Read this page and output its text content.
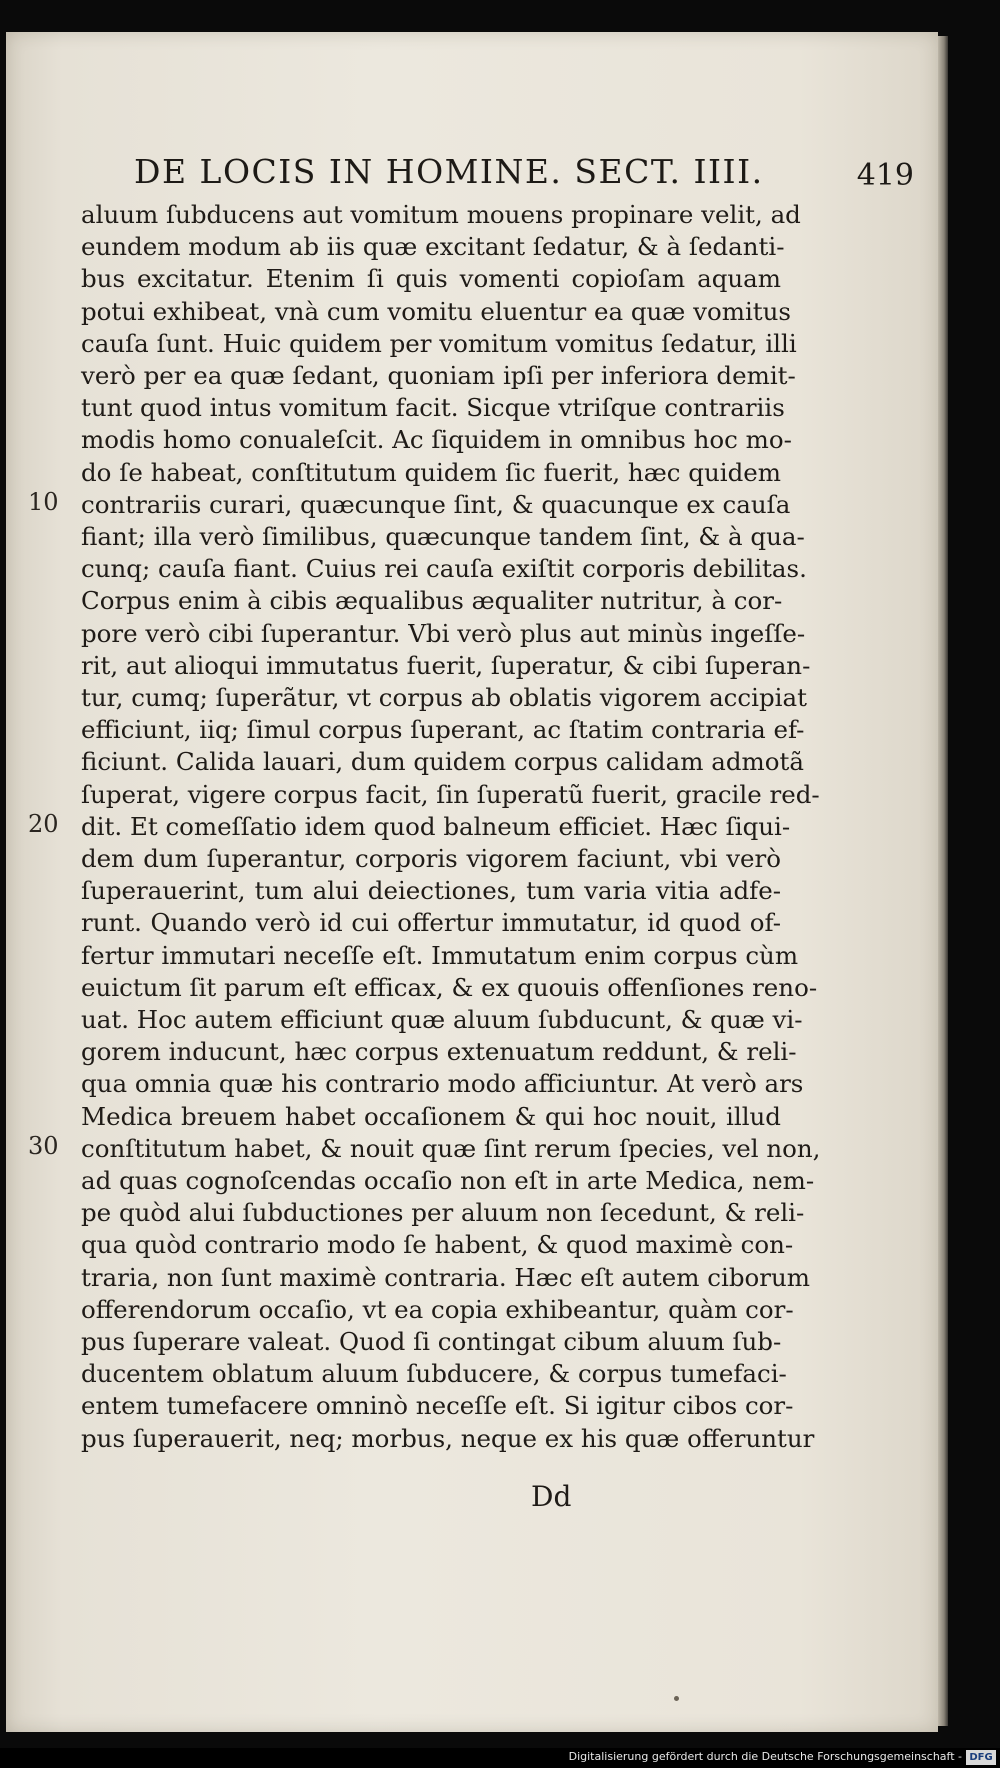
DE LOCIS IN HOMINE. SECT. IIII.	419
aluum ſubducens aut vomitum mouens propinare velit, ad
eundem modum ab iis quæ excitant ſedatur, & à ſedanti-
bus excitatur. Etenim ſi quis vomenti copioſam aquam
potui exhibeat, vnà cum vomitu eluentur ea quæ vomitus
cauſa ſunt. Huic quidem per vomitum vomitus ſedatur, illi
verò per ea quæ ſedant, quoniam ipſi per inferiora demit-
tunt quod intus vomitum facit. Sicque vtriſque contrariis
modis homo conualeſcit. Ac ſiquidem in omnibus hoc mo-
do ſe habeat, conſtitutum quidem ſic fuerit, hæc quidem
contrariis curari, quæcunque ſint, & quacunque ex cauſa
fiant; illa verò ſimilibus, quæcunque tandem ſint, & à qua-
cunq; cauſa fiant. Cuius rei cauſa exiſtit corporis debilitas.
Corpus enim à cibis æqualibus æqualiter nutritur, à cor-
pore verò cibi ſuperantur. Vbi verò plus aut minùs ingeſſe-
rit, aut alioqui immutatus fuerit, ſuperatur, & cibi ſuperan-
tur, cumq; ſuperãtur, vt corpus ab oblatis vigorem accipiat
efficiunt, iiq; ſimul corpus ſuperant, ac ſtatim contraria ef-
ficiunt. Calida lauari, dum quidem corpus calidam admotã
ſuperat, vigere corpus facit, ſin ſuperatũ fuerit, gracile red-
dit. Et comeſſatio idem quod balneum efficiet. Hæc ſiqui-
dem dum ſuperantur, corporis vigorem faciunt, vbi verò
ſuperauerint, tum alui deiectiones, tum varia vitia adfe-
runt. Quando verò id cui offertur immutatur, id quod of-
fertur immutari neceſſe eſt. Immutatum enim corpus cùm
euictum ſit parum eſt efficax, & ex quouis offenſiones reno-
uat. Hoc autem efficiunt quæ aluum ſubducunt, & quæ vi-
gorem inducunt, hæc corpus extenuatum reddunt, & reli-
qua omnia quæ his contrario modo afficiuntur. At verò ars
Medica breuem habet occaſionem & qui hoc nouit, illud
conſtitutum habet, & nouit quæ ſint rerum ſpecies, vel non,
ad quas cognoſcendas occaſio non eſt in arte Medica, nem-
pe quòd alui ſubductiones per aluum non ſecedunt, & reli-
qua quòd contrario modo ſe habent, & quod maximè con-
traria, non ſunt maximè contraria. Hæc eſt autem ciborum
offerendorum occaſio, vt ea copia exhibeantur, quàm cor-
pus ſuperare valeat. Quod ſi contingat cibum aluum ſub-
ducentem oblatum aluum ſubducere, & corpus tumefaci-
entem tumefacere omninò neceſſe eſt. Si igitur cibos cor-
pus ſuperauerit, neq; morbus, neque ex his quæ offeruntur
10
20
30
Dd
Digitalisierung gefördert durch die Deutsche Forschungsgemeinschaft - DFG
